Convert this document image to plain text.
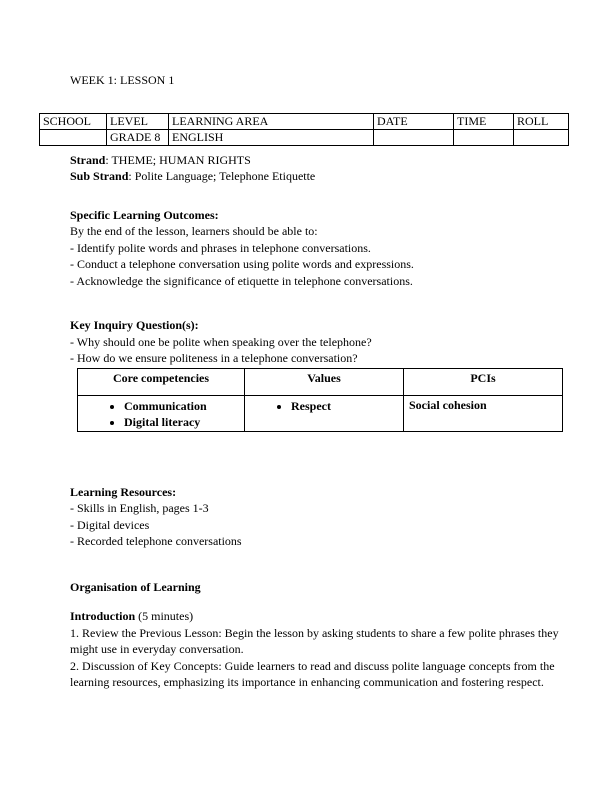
WEEK 1: LESSON 1
SCHOOL	LEVEL	LEARNING AREA	DATE	TIME	ROLL
	GRADE 8	ENGLISH			
Strand: THEME; HUMAN RIGHTS
Sub Strand: Polite Language; Telephone Etiquette
Specific Learning Outcomes:
By the end of the lesson, learners should be able to:
- Identify polite words and phrases in telephone conversations.
- Conduct a telephone conversation using polite words and expressions.
- Acknowledge the significance of etiquette in telephone conversations.
Key Inquiry Question(s):
- Why should one be polite when speaking over the telephone?
- How do we ensure politeness in a telephone conversation?
Core competencies	Values	PCIs

• Communication
• Digital literacy

• Respect	Social cohesion
Learning Resources:
- Skills in English, pages 1-3
- Digital devices
- Recorded telephone conversations
Organisation of Learning
Introduction (5 minutes)

1. Review the Previous Lesson: Begin the lesson by asking students to share a few polite phrases they might use in everyday conversation.

2. Discussion of Key Concepts: Guide learners to read and discuss polite language concepts from the learning resources, emphasizing its importance in enhancing communication and fostering respect.
